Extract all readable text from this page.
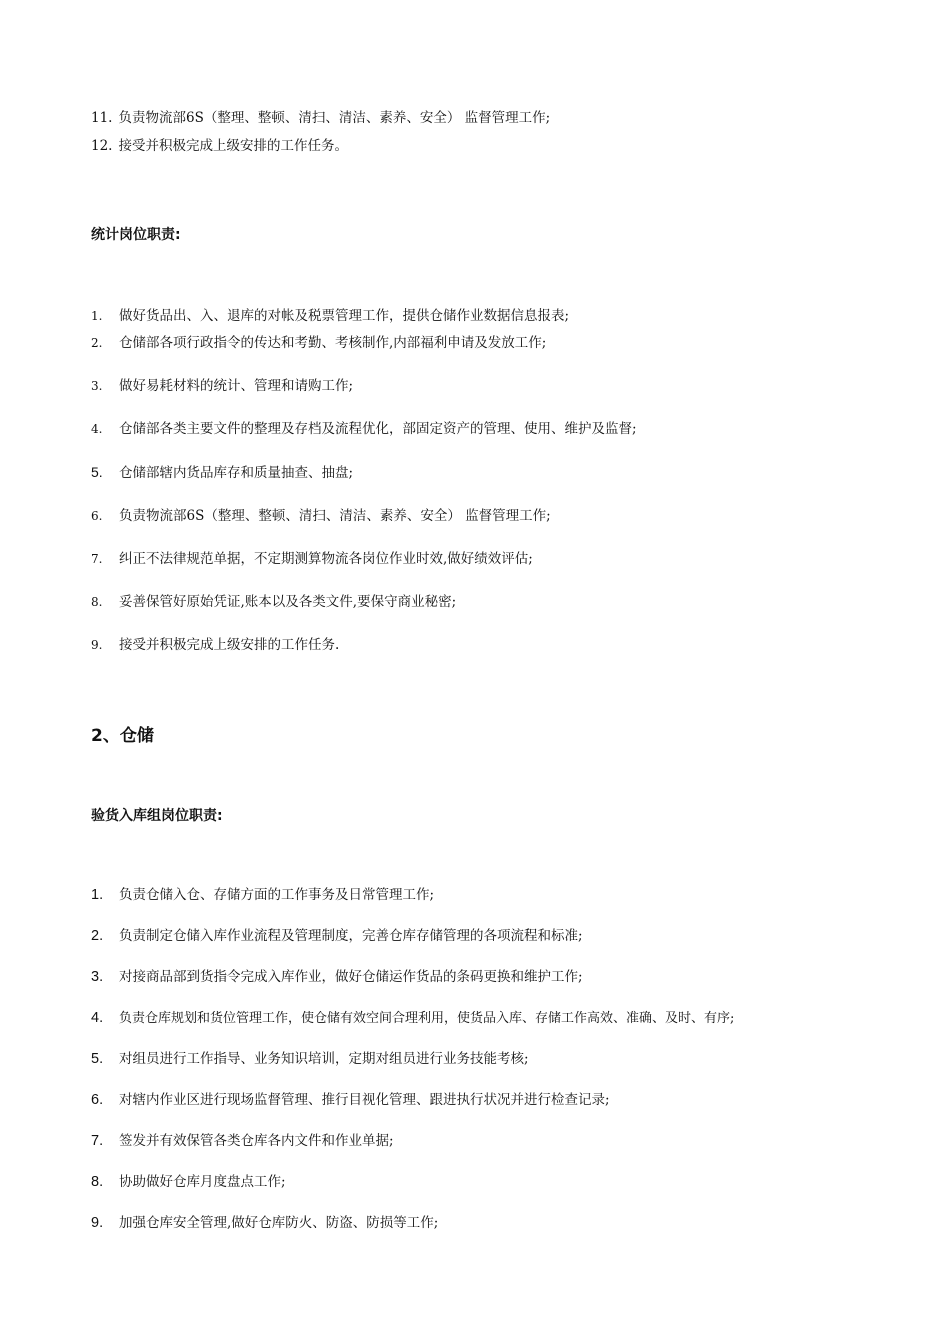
11. 负责物流部6S（整理、整顿、清扫、清洁、素养、安全） 监督管理工作;
12. 接受并积极完成上级安排的工作任务。
统计岗位职责:
1. 做好货品出、入、退库的对帐及税票管理工作，提供仓储作业数据信息报表;
2. 仓储部各项行政指令的传达和考勤、考核制作,内部福利申请及发放工作;
3. 做好易耗材料的统计、管理和请购工作;
4. 仓储部各类主要文件的整理及存档及流程优化，部固定资产的管理、使用、维护及监督;
5. 仓储部辖内货品库存和质量抽查、抽盘;
6. 负责物流部6S（整理、整顿、清扫、清洁、素养、安全） 监督管理工作;
7. 纠正不法律规范单据，不定期测算物流各岗位作业时效,做好绩效评估;
8. 妥善保管好原始凭证,账本以及各类文件,要保守商业秘密;
9. 接受并积极完成上级安排的工作任务.
2、仓储
验货入库组岗位职责:
1. 负责仓储入仓、存储方面的工作事务及日常管理工作;
2. 负责制定仓储入库作业流程及管理制度，完善仓库存储管理的各项流程和标准;
3. 对接商品部到货指令完成入库作业，做好仓储运作货品的条码更换和维护工作;
4. 负责仓库规划和货位管理工作，使仓储有效空间合理利用，使货品入库、存储工作高效、准确、及时、有序;
5. 对组员进行工作指导、业务知识培训，定期对组员进行业务技能考核;
6. 对辖内作业区进行现场监督管理、推行目视化管理、跟进执行状况并进行检查记录;
7. 签发并有效保管各类仓库各内文件和作业单据;
8. 协助做好仓库月度盘点工作;
9. 加强仓库安全管理,做好仓库防火、防盗、防损等工作;
